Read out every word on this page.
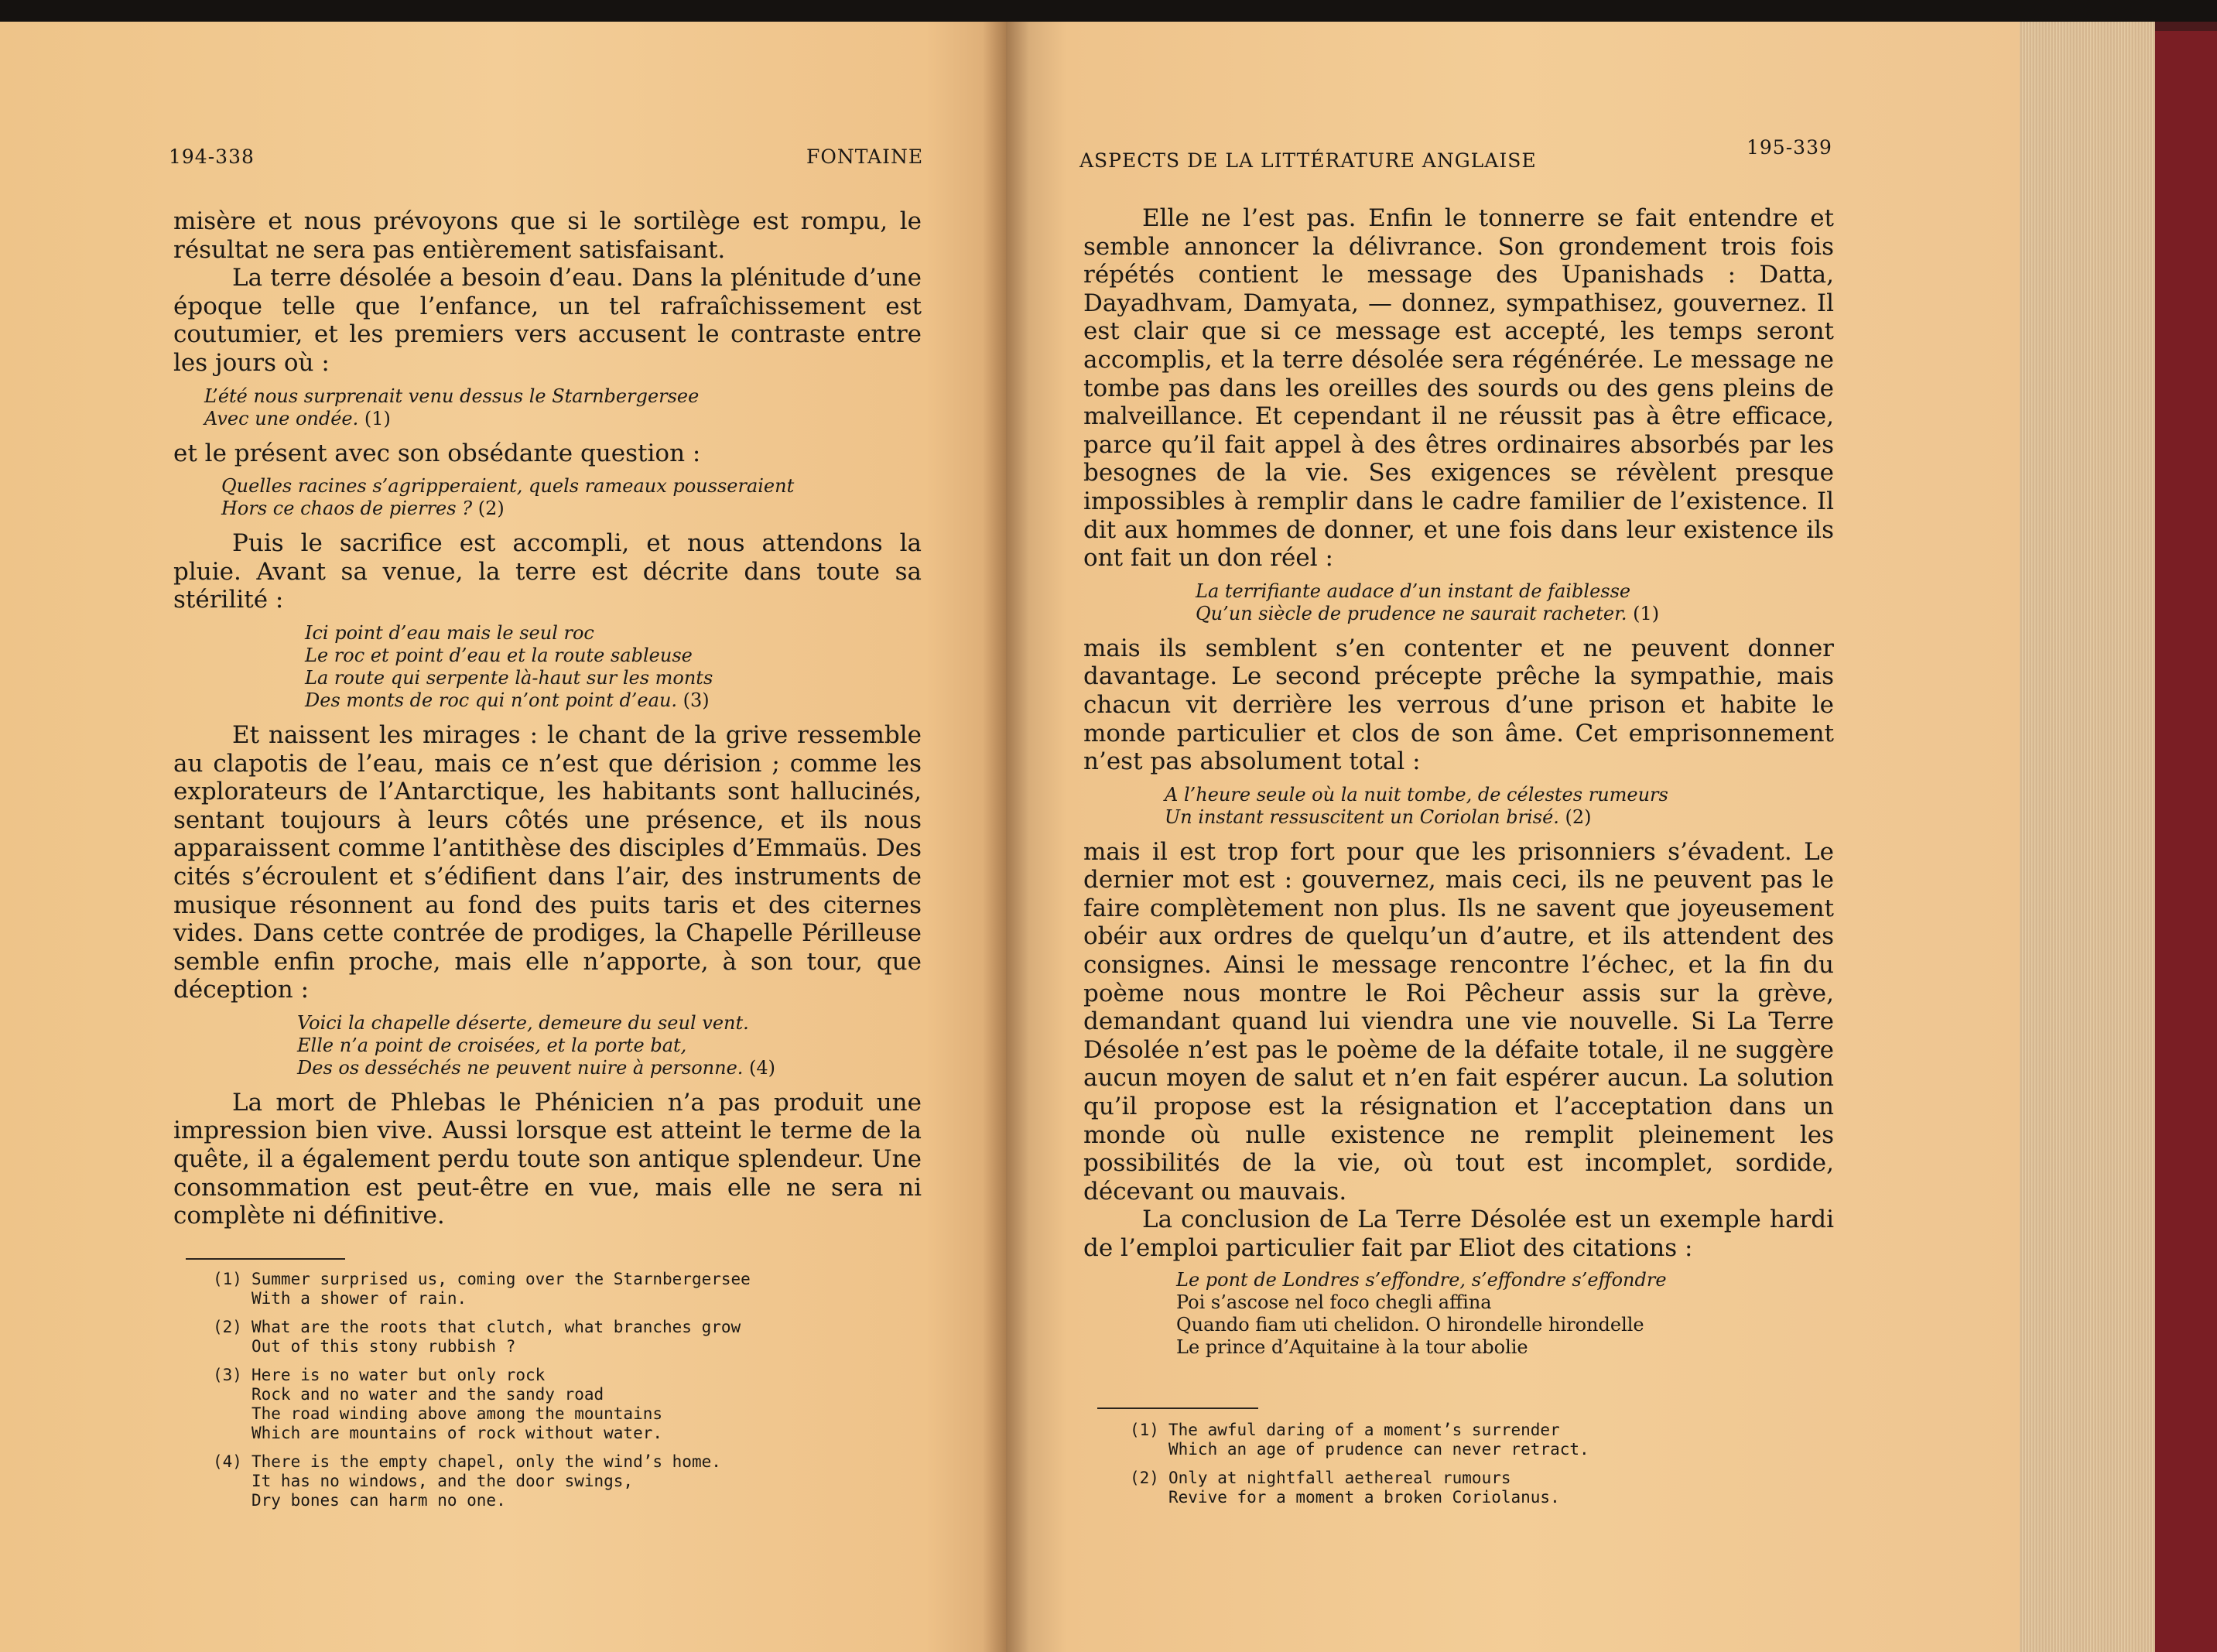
194-338	FONTAINE

misère et nous prévoyons que si le sortilège est rompu, le résultat ne sera pas entièrement satisfaisant.

La terre désolée a besoin d’eau. Dans la plénitude d’une époque telle que l’enfance, un tel rafraîchissement est coutumier, et les premiers vers accusent le contraste entre les jours où :

L’été nous surprenait venu dessus le Starnbergersee
Avec une ondée. (1)

et le présent avec son obsédante question :

Quelles racines s’agripperaient, quels rameaux pousseraient
Hors ce chaos de pierres ? (2)

Puis le sacrifice est accompli, et nous attendons la pluie. Avant sa venue, la terre est décrite dans toute sa stérilité :

Ici point d’eau mais le seul roc
Le roc et point d’eau et la route sableuse
La route qui serpente là-haut sur les monts
Des monts de roc qui n’ont point d’eau. (3)

Et naissent les mirages : le chant de la grive ressemble au clapotis de l’eau, mais ce n’est que dérision ; comme les explorateurs de l’Antarctique, les habitants sont hallucinés, sentant toujours à leurs côtés une présence, et ils nous apparaissent comme l’antithèse des disciples d’Emmaüs. Des cités s’écroulent et s’édifient dans l’air, des instruments de musique résonnent au fond des puits taris et des citernes vides. Dans cette contrée de prodiges, la Chapelle Périlleuse semble enfin proche, mais elle n’apporte, à son tour, que déception :

Voici la chapelle déserte, demeure du seul vent.
Elle n’a point de croisées, et la porte bat,
Des os desséchés ne peuvent nuire à personne. (4)

La mort de Phlebas le Phénicien n’a pas produit une impression bien vive. Aussi lorsque est atteint le terme de la quête, il a également perdu toute son antique splendeur. Une consommation est peut-être en vue, mais elle ne sera ni complète ni définitive.

(1) Summer surprised us, coming over the Starnbergersee
With a shower of rain.
(2) What are the roots that clutch, what branches grow
Out of this stony rubbish ?
(3) Here is no water but only rock
Rock and no water and the sandy road
The road winding above among the mountains
Which are mountains of rock without water.
(4) There is the empty chapel, only the wind’s home.
It has no windows, and the door swings,
Dry bones can harm no one.
ASPECTS DE LA LITTÉRATURE ANGLAISE
195-339

Elle ne l’est pas. Enfin le tonnerre se fait entendre et semble annoncer la délivrance. Son grondement trois fois répétés contient le message des Upanishads : Datta, Dayadhvam, Damyata, — donnez, sympathisez, gouvernez. Il est clair que si ce message est accepté, les temps seront accomplis, et la terre désolée sera régénérée. Le message ne tombe pas dans les oreilles des sourds ou des gens pleins de malveillance. Et cependant il ne réussit pas à être efficace, parce qu’il fait appel à des êtres ordinaires absorbés par les besognes de la vie. Ses exigences se révèlent presque impossibles à remplir dans le cadre familier de l’existence. Il dit aux hommes de donner, et une fois dans leur existence ils ont fait un don réel :

La terrifiante audace d’un instant de faiblesse
Qu’un siècle de prudence ne saurait racheter. (1)

mais ils semblent s’en contenter et ne peuvent donner davantage. Le second précepte prêche la sympathie, mais chacun vit derrière les verrous d’une prison et habite le monde particulier et clos de son âme. Cet emprisonnement n’est pas absolument total :

A l’heure seule où la nuit tombe, de célestes rumeurs
Un instant ressuscitent un Coriolan brisé. (2)

mais il est trop fort pour que les prisonniers s’évadent. Le dernier mot est : gouvernez, mais ceci, ils ne peuvent pas le faire complètement non plus. Ils ne savent que joyeusement obéir aux ordres de quelqu’un d’autre, et ils attendent des consignes. Ainsi le message rencontre l’échec, et la fin du poème nous montre le Roi Pêcheur assis sur la grève, demandant quand lui viendra une vie nouvelle. Si La Terre Désolée n’est pas le poème de la défaite totale, il ne suggère aucun moyen de salut et n’en fait espérer aucun. La solution qu’il propose est la résignation et l’acceptation dans un monde où nulle existence ne remplit pleinement les possibilités de la vie, où tout est incomplet, sordide, décevant ou mauvais.

La conclusion de La Terre Désolée est un exemple hardi de l’emploi particulier fait par Eliot des citations :

Le pont de Londres s’effondre, s’effondre s’effondre
Poi s’ascose nel foco chegli affina
Quando fiam uti chelidon. O hirondelle hirondelle
Le prince d’Aquitaine à la tour abolie
(1) The awful daring of a moment’s surrender
Which an age of prudence can never retract.
(2) Only at nightfall aethereal rumours
Revive for a moment a broken Coriolanus.
